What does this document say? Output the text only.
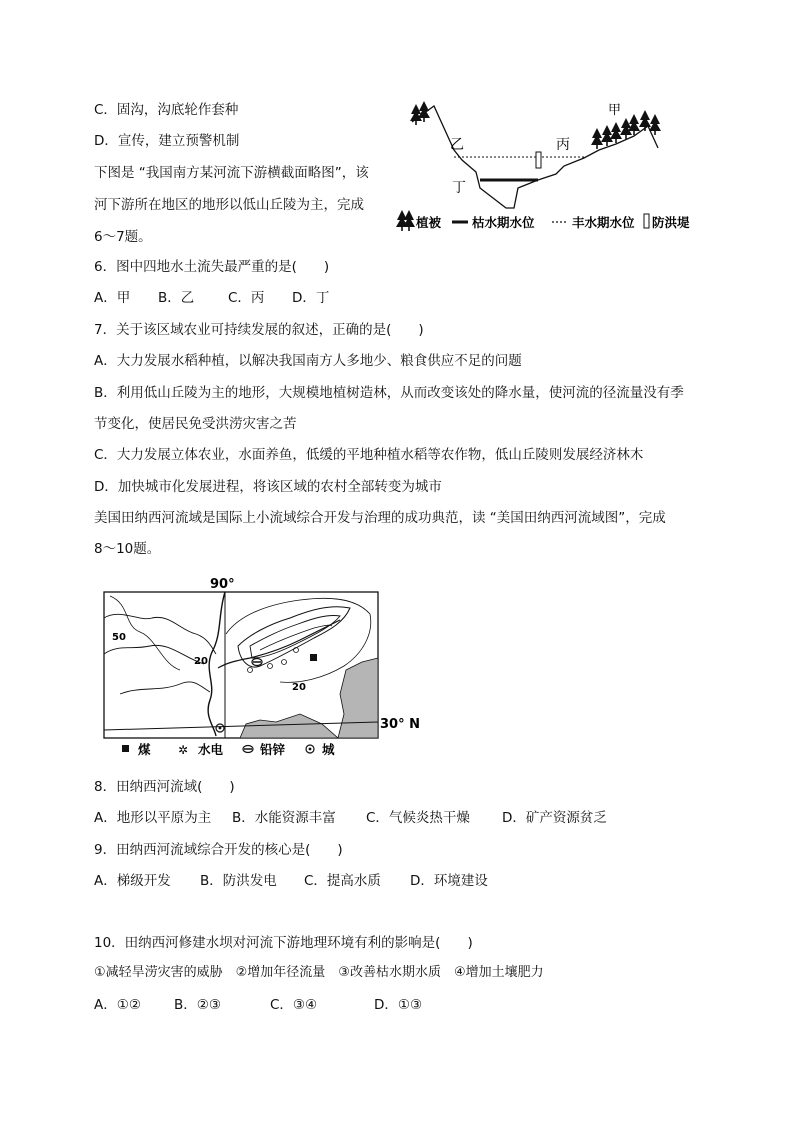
C．固沟，沟底轮作套种
D．宣传，建立预警机制
下图是 “我国南方某河流下游横截面略图”，该
河下游所在地区的地形以低山丘陵为主，完成
6～7题。
甲
乙	丙
丁
植被 枯水期水位	丰水期水位 防洪堤
6．图中四地水土流失最严重的是(　　)
A．甲 B．乙 C．丙 D．丁
7．关于该区域农业可持续发展的叙述，正确的是(　　)
A．大力发展水稻种植，以解决我国南方人多地少、粮食供应不足的问题
B．利用低山丘陵为主的地形，大规模地植树造林，从而改变该处的降水量，使河流的径流量没有季
节变化，使居民免受洪涝灾害之苦
C．大力发展立体农业，水面养鱼，低缓的平地种植水稻等农作物，低山丘陵则发展经济林木
D．加快城市化发展进程，将该区域的农村全部转变为城市
美国田纳西河流域是国际上小流域综合开发与治理的成功典范，读 “美国田纳西河流域图”，完成
8～10题。
90°
50
20
20
30° N
煤 ✲ 水电	铅锌	城
8．田纳西河流域(　　)
A．地形以平原为主 B．水能资源丰富 C．气候炎热干燥 D．矿产资源贫乏
9．田纳西河流域综合开发的核心是(　　)
A．梯级开发 B．防洪发电 C．提高水质 D．环境建设
10．田纳西河修建水坝对河流下游地理环境有利的影响是(　　)
①减轻旱涝灾害的威胁　②增加年径流量　③改善枯水期水质　④增加土壤肥力
A．①② B．②③	C．③④	D．①③
